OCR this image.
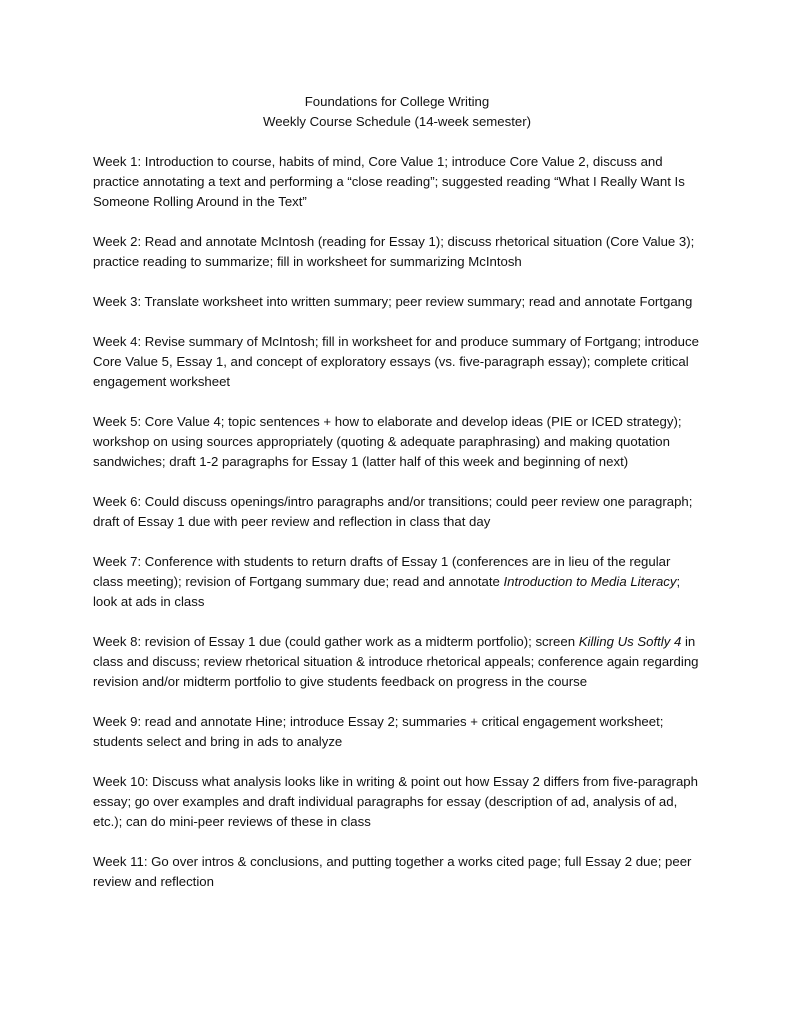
Foundations for College Writing
Weekly Course Schedule (14-week semester)

Week 1: Introduction to course, habits of mind, Core Value 1; introduce Core Value 2, discuss and practice annotating a text and performing a “close reading”; suggested reading “What I Really Want Is Someone Rolling Around in the Text”

Week 2: Read and annotate McIntosh (reading for Essay 1); discuss rhetorical situation (Core Value 3); practice reading to summarize; fill in worksheet for summarizing McIntosh

Week 3: Translate worksheet into written summary; peer review summary; read and annotate Fortgang

Week 4: Revise summary of McIntosh; fill in worksheet for and produce summary of Fortgang; introduce Core Value 5, Essay 1, and concept of exploratory essays (vs. five-paragraph essay); complete critical engagement worksheet

Week 5: Core Value 4; topic sentences + how to elaborate and develop ideas (PIE or ICED strategy); workshop on using sources appropriately (quoting & adequate paraphrasing) and making quotation sandwiches; draft 1-2 paragraphs for Essay 1 (latter half of this week and beginning of next)

Week 6: Could discuss openings/intro paragraphs and/or transitions; could peer review one paragraph; draft of Essay 1 due with peer review and reflection in class that day

Week 7: Conference with students to return drafts of Essay 1 (conferences are in lieu of the regular class meeting); revision of Fortgang summary due; read and annotate Introduction to Media Literacy; look at ads in class

Week 8: revision of Essay 1 due (could gather work as a midterm portfolio); screen Killing Us Softly 4 in class and discuss; review rhetorical situation & introduce rhetorical appeals; conference again regarding revision and/or midterm portfolio to give students feedback on progress in the course

Week 9: read and annotate Hine; introduce Essay 2; summaries + critical engagement worksheet; students select and bring in ads to analyze

Week 10: Discuss what analysis looks like in writing & point out how Essay 2 differs from five-paragraph essay; go over examples and draft individual paragraphs for essay (description of ad, analysis of ad, etc.); can do mini-peer reviews of these in class

Week 11: Go over intros & conclusions, and putting together a works cited page; full Essay 2 due; peer review and reflection
